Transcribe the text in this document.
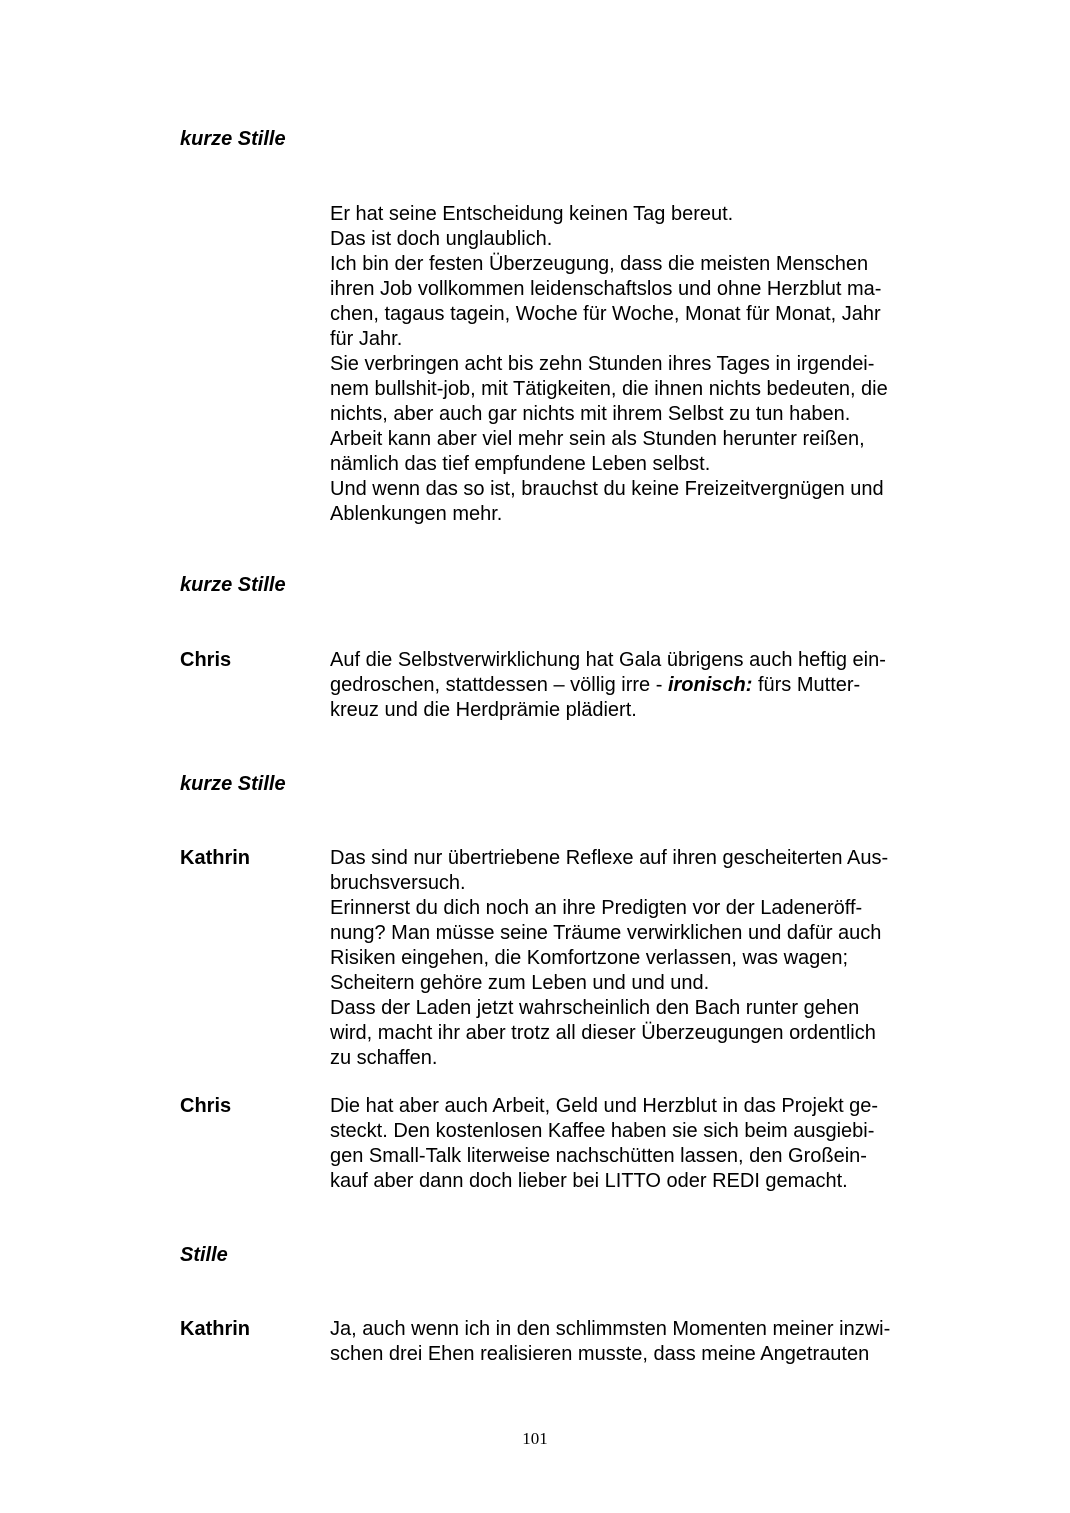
kurze Stille

Er hat seine Entscheidung keinen Tag bereut.
Das ist doch unglaublich.
Ich bin der festen Überzeugung, dass die meisten Menschen
ihren Job vollkommen leidenschaftslos und ohne Herzblut ma-
chen, tagaus tagein, Woche für Woche, Monat für Monat, Jahr
für Jahr.
Sie verbringen acht bis zehn Stunden ihres Tages in irgendei-
nem bullshit-job, mit Tätigkeiten, die ihnen nichts bedeuten, die
nichts, aber auch gar nichts mit ihrem Selbst zu tun haben.
Arbeit kann aber viel mehr sein als Stunden herunter reißen,
nämlich das tief empfundene Leben selbst.
Und wenn das so ist, brauchst du keine Freizeitvergnügen und
Ablenkungen mehr.

kurze Stille

Chris	Auf die Selbstverwirklichung hat Gala übrigens auch heftig ein-
gedroschen, stattdessen – völlig irre - ironisch: fürs Mutter-
kreuz und die Herdprämie plädiert.

kurze Stille

Kathrin	Das sind nur übertriebene Reflexe auf ihren gescheiterten Aus-
bruchsversuch.
Erinnerst du dich noch an ihre Predigten vor der Ladeneröff-
nung? Man müsse seine Träume verwirklichen und dafür auch
Risiken eingehen, die Komfortzone verlassen, was wagen;
Scheitern gehöre zum Leben und und und.
Dass der Laden jetzt wahrscheinlich den Bach runter gehen
wird, macht ihr aber trotz all dieser Überzeugungen ordentlich
zu schaffen.

Chris	Die hat aber auch Arbeit, Geld und Herzblut in das Projekt ge-
steckt. Den kostenlosen Kaffee haben sie sich beim ausgiebi-
gen Small-Talk literweise nachschütten lassen, den Großein-
kauf aber dann doch lieber bei LITTO oder REDI gemacht.

Stille

Kathrin	Ja, auch wenn ich in den schlimmsten Momenten meiner inzwi-
schen drei Ehen realisieren musste, dass meine Angetrauten

101
